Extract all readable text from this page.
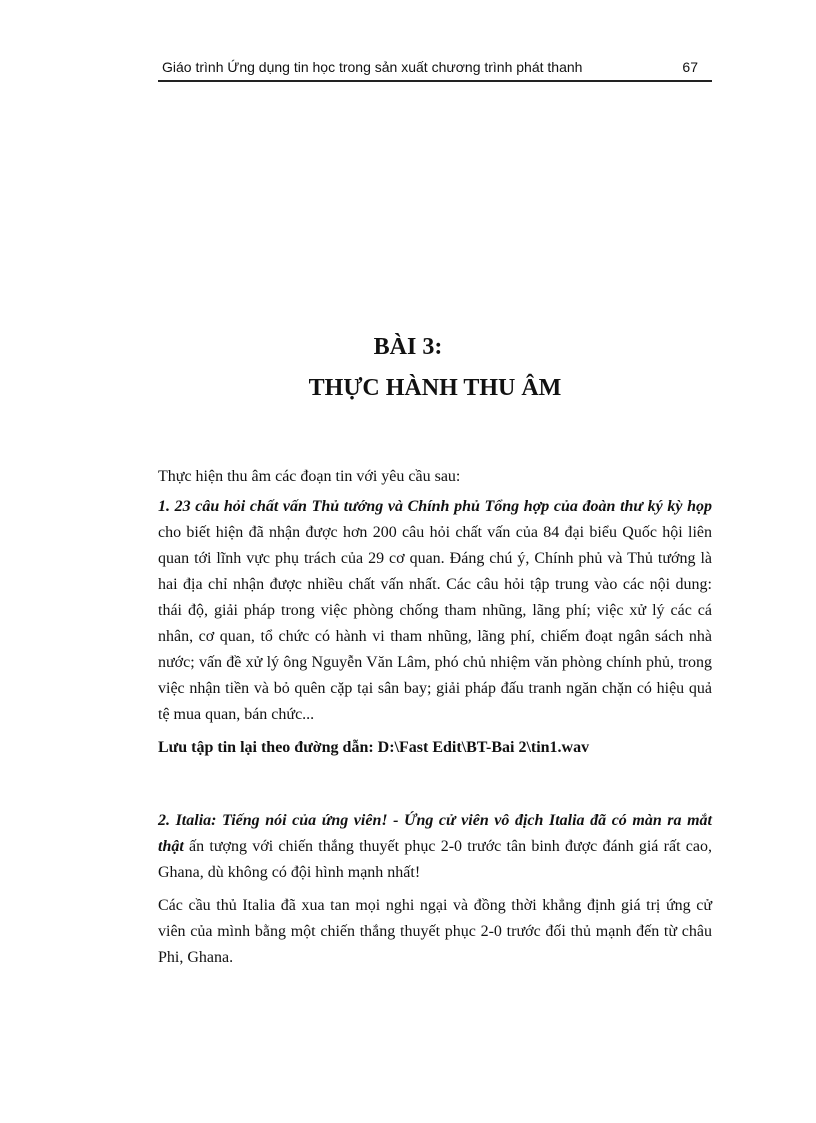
Giáo trình Ứng dụng tin học trong sản xuất chương trình phát thanh	67
BÀI 3:
THỰC HÀNH THU ÂM

Thực hiện thu âm các đoạn tin với yêu cầu sau:

1. 23 câu hỏi chất vấn Thủ tướng và Chính phủ Tổng hợp của đoàn thư ký kỳ họp cho biết hiện đã nhận được hơn 200 câu hỏi chất vấn của 84 đại biểu Quốc hội liên quan tới lĩnh vực phụ trách của 29 cơ quan. Đáng chú ý, Chính phủ và Thủ tướng là hai địa chỉ nhận được nhiều chất vấn nhất. Các câu hỏi tập trung vào các nội dung: thái độ, giải pháp trong việc phòng chống tham nhũng, lãng phí; việc xử lý các cá nhân, cơ quan, tổ chức có hành vi tham nhũng, lãng phí, chiếm đoạt ngân sách nhà nước; vấn đề xử lý ông Nguyễn Văn Lâm, phó chủ nhiệm văn phòng chính phủ, trong việc nhận tiền và bỏ quên cặp tại sân bay; giải pháp đấu tranh ngăn chặn có hiệu quả tệ mua quan, bán chức...

Lưu tập tin lại theo đường dẫn: D:\Fast Edit\BT-Bai 2\tin1.wav

2. Italia: Tiếng nói của ứng viên! - Ứng cử viên vô địch Italia đã có màn ra mắt thật ấn tượng với chiến thắng thuyết phục 2-0 trước tân binh được đánh giá rất cao, Ghana, dù không có đội hình mạnh nhất!

Các cầu thủ Italia đã xua tan mọi nghi ngại và đồng thời khẳng định giá trị ứng cử viên của mình bằng một chiến thắng thuyết phục 2-0 trước đối thủ mạnh đến từ châu Phi, Ghana.
